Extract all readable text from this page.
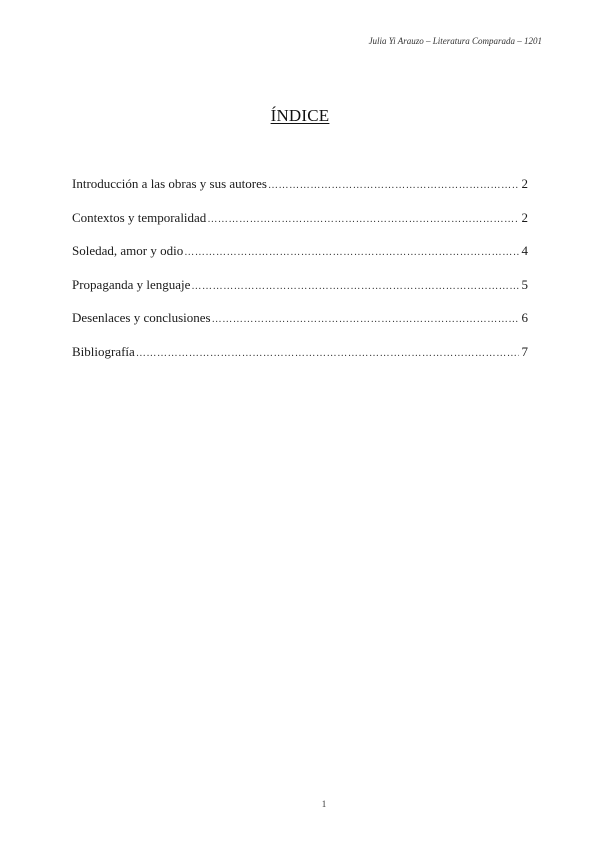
Julia Yi Arauzo – Literatura Comparada – 1201
ÍNDICE
Introducción a las obras y sus autores ……………………………………………………………………………………………………………………………………………………………………………………………	2
Contextos y temporalidad ……………………………………………………………………………………………………………………………………………………………………………………………	2
Soledad, amor y odio ……………………………………………………………………………………………………………………………………………………………………………………………	4
Propaganda y lenguaje ……………………………………………………………………………………………………………………………………………………………………………………………	5
Desenlaces y conclusiones ……………………………………………………………………………………………………………………………………………………………………………………………	6
Bibliografía ……………………………………………………………………………………………………………………………………………………………………………………………	7
1
